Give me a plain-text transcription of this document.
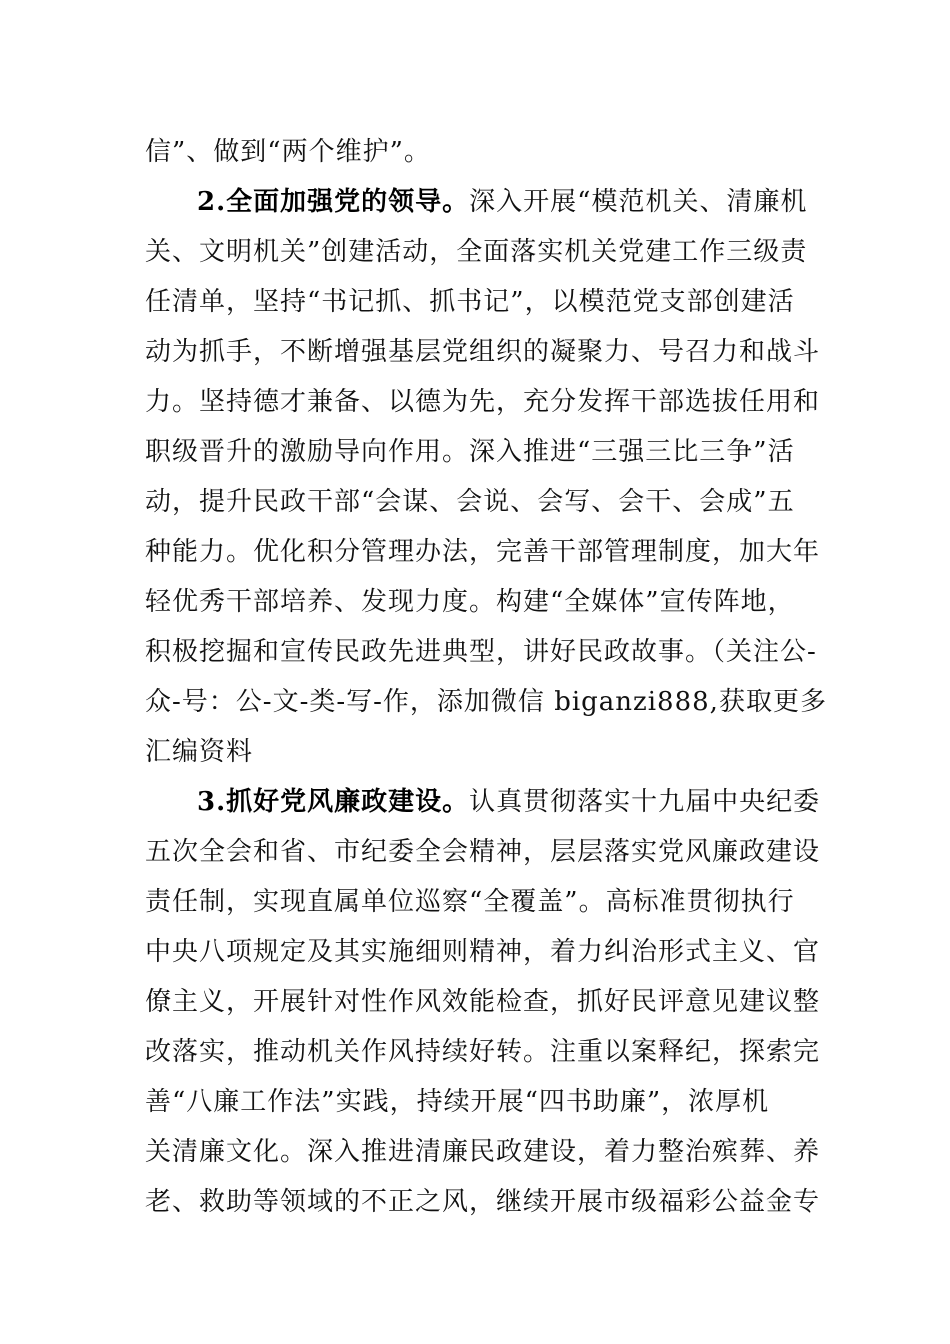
信”、做到“两个维护”。
2.全面加强党的领导。深入开展“模范机关、清廉机
关、文明机关”创建活动，全面落实机关党建工作三级责
任清单，坚持“书记抓、抓书记”，以模范党支部创建活
动为抓手，不断增强基层党组织的凝聚力、号召力和战斗
力。坚持德才兼备、以德为先，充分发挥干部选拔任用和
职级晋升的激励导向作用。深入推进“三强三比三争”活
动，提升民政干部“会谋、会说、会写、会干、会成”五
种能力。优化积分管理办法，完善干部管理制度，加大年
轻优秀干部培养、发现力度。构建“全媒体”宣传阵地，
积极挖掘和宣传民政先进典型，讲好民政故事。（关注公-
众-号：公-文-类-写-作，添加微信 biganzi888,获取更多
汇编资料
3.抓好党风廉政建设。认真贯彻落实十九届中央纪委
五次全会和省、市纪委全会精神，层层落实党风廉政建设
责任制，实现直属单位巡察“全覆盖”。高标准贯彻执行
中央八项规定及其实施细则精神，着力纠治形式主义、官
僚主义，开展针对性作风效能检查，抓好民评意见建议整
改落实，推动机关作风持续好转。注重以案释纪，探索完
善“八廉工作法”实践，持续开展“四书助廉”，浓厚机
关清廉文化。深入推进清廉民政建设，着力整治殡葬、养
老、救助等领域的不正之风，继续开展市级福彩公益金专
